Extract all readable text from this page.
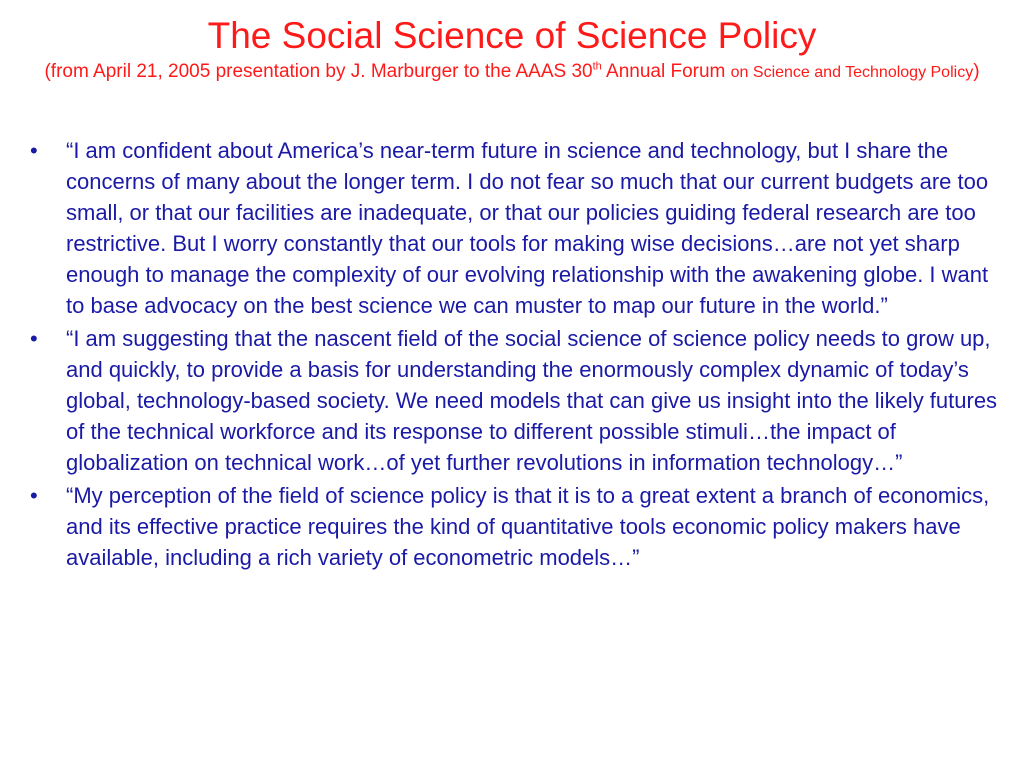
The Social Science of Science Policy
(from April 21, 2005 presentation by J. Marburger to the AAAS 30th Annual Forum on Science and Technology Policy)
• “I am confident about America’s near-term future in science and technology, but I share the concerns of many about the longer term. I do not fear so much that our current budgets are too small, or that our facilities are inadequate, or that our policies guiding federal research are too restrictive. But I worry constantly that our tools for making wise decisions…are not yet sharp enough to manage the complexity of our evolving relationship with the awakening globe. I want to base advocacy on the best science we can muster to map our future in the world.”
• “I am suggesting that the nascent field of the social science of science policy needs to grow up, and quickly, to provide a basis for understanding the enormously complex dynamic of today’s global, technology-based society. We need models that can give us insight into the likely futures of the technical workforce and its response to different possible stimuli…the impact of globalization on technical work…of yet further revolutions in information technology…”
• “My perception of the field of science policy is that it is to a great extent a branch of economics, and its effective practice requires the kind of quantitative tools economic policy makers have available, including a rich variety of econometric models…”
